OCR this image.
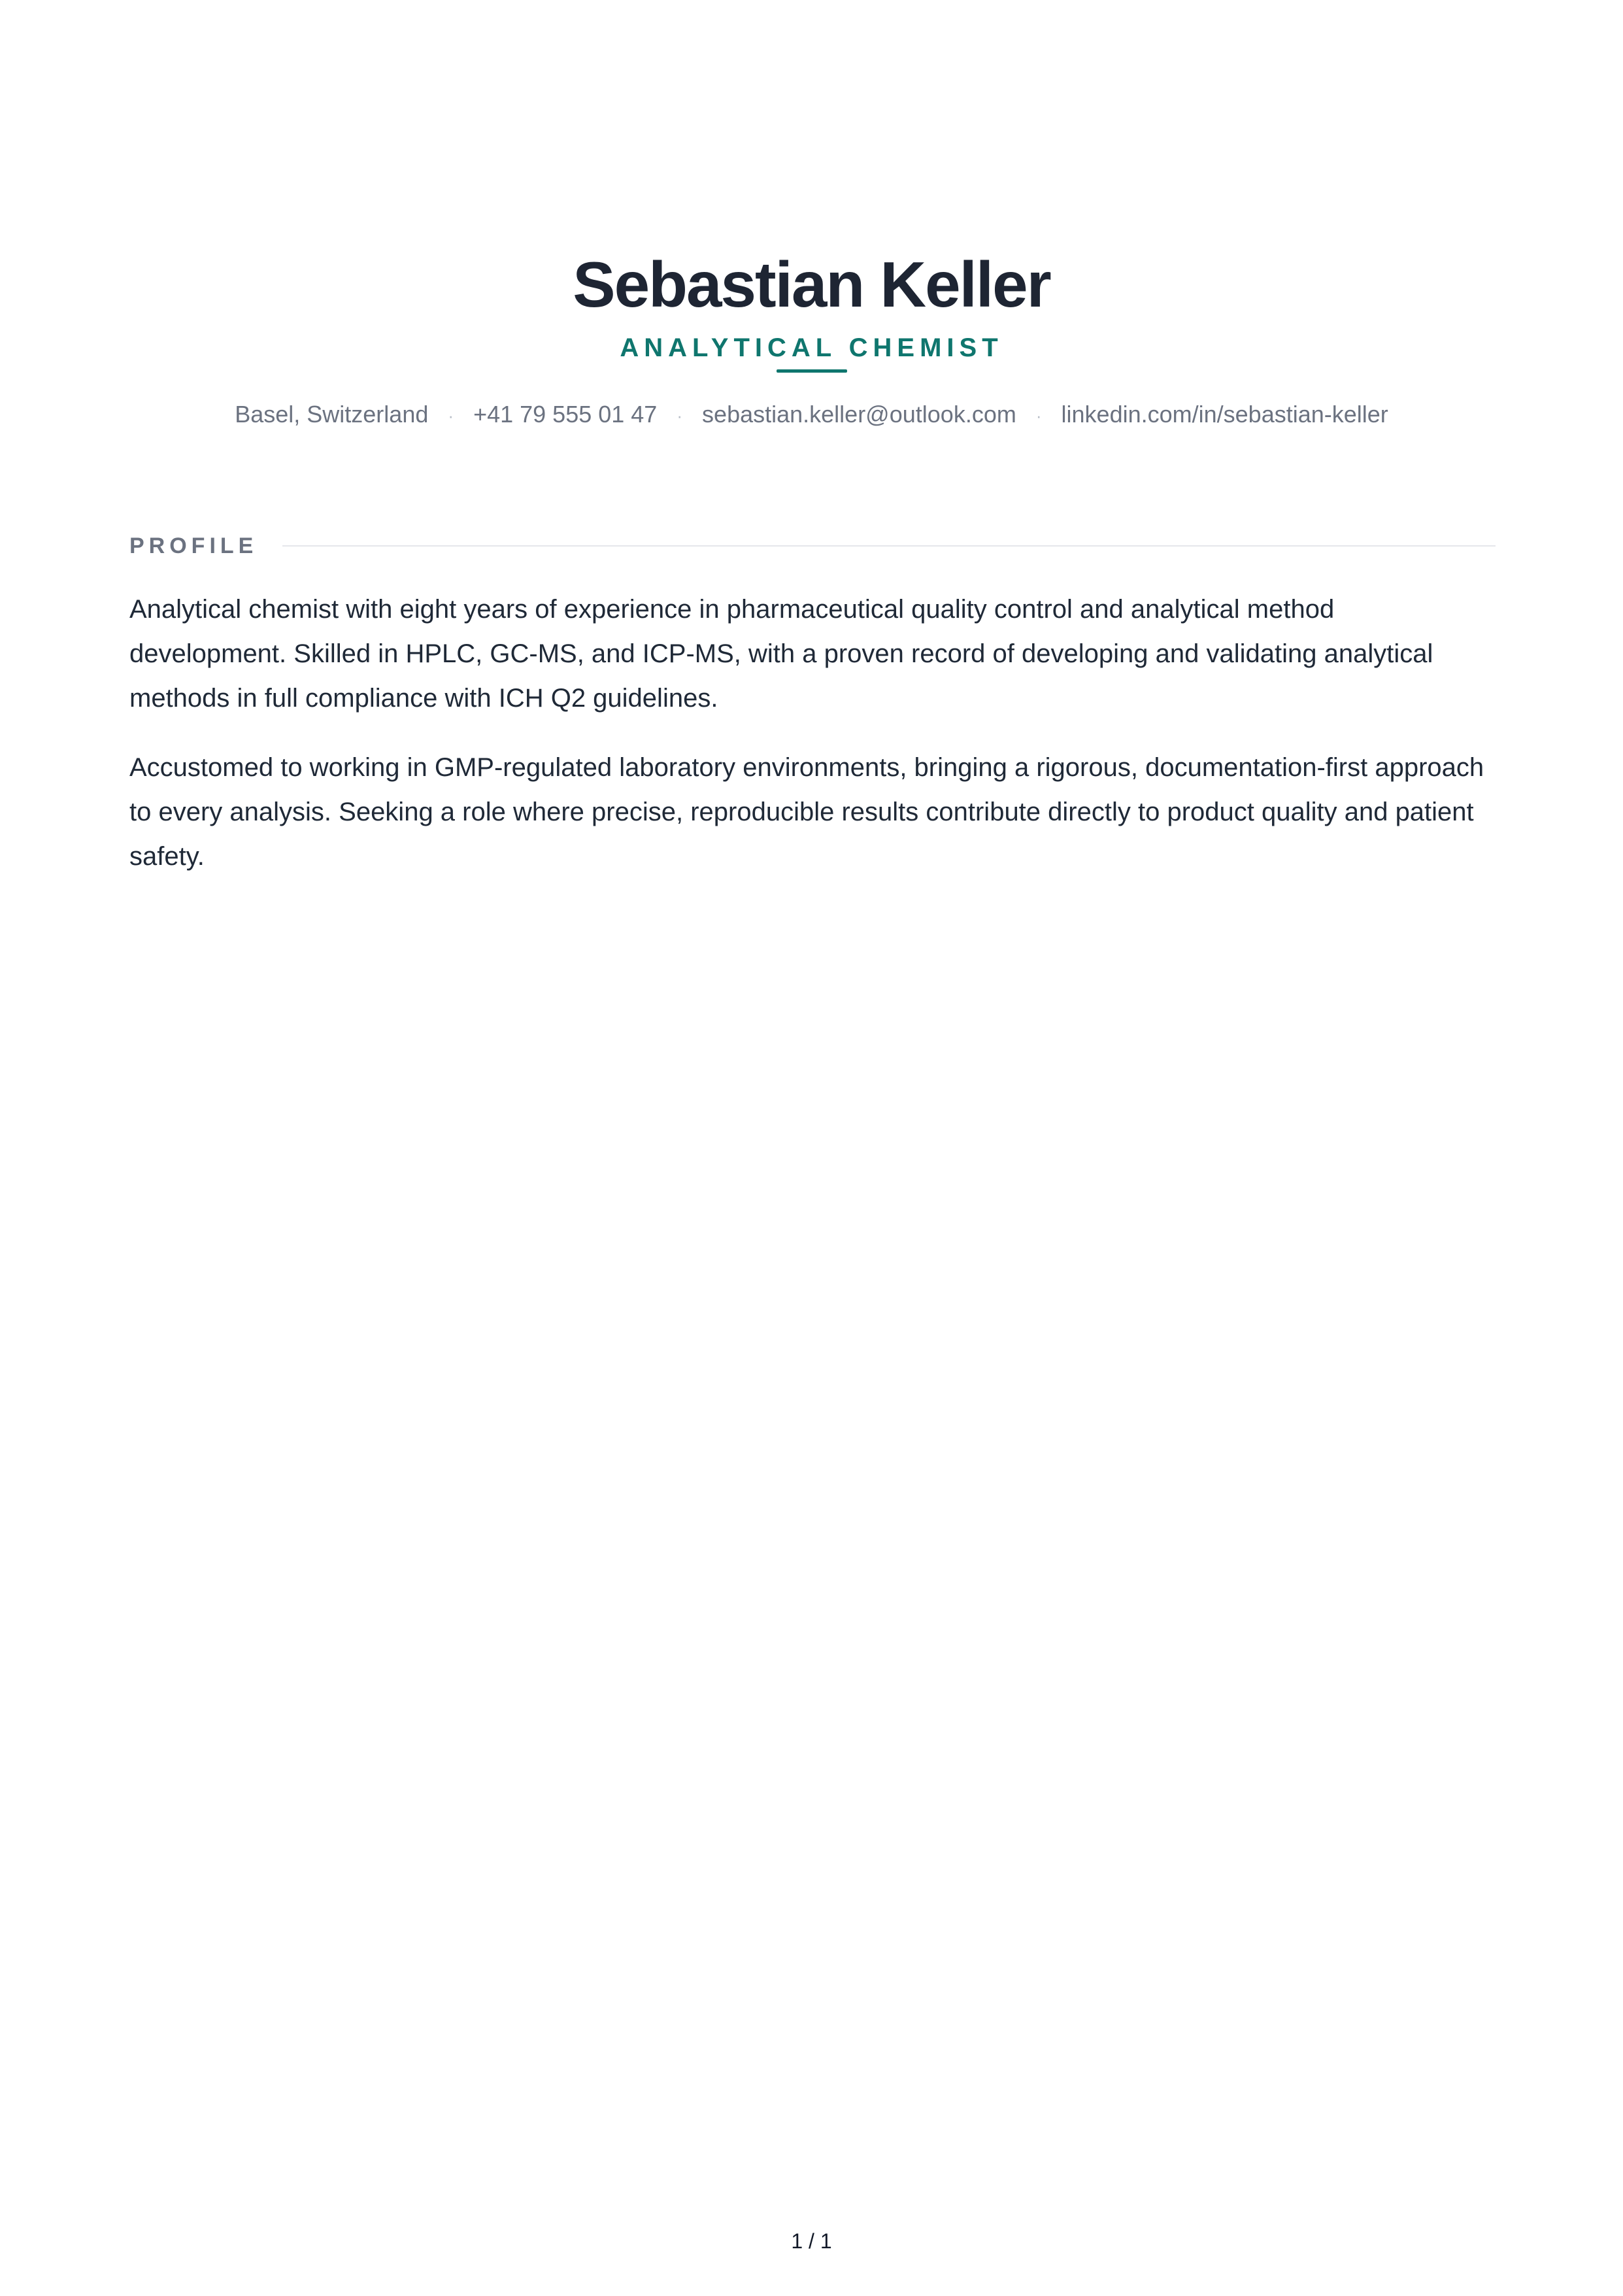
Sebastian Keller
ANALYTICAL CHEMIST
Basel, Switzerland · +41 79 555 01 47 · sebastian.keller@outlook.com · linkedin.com/in/sebastian-keller
PROFILE

Analytical chemist with eight years of experience in pharmaceutical quality control and analytical method development. Skilled in HPLC, GC-MS, and ICP-MS, with a proven record of developing and validating analytical methods in full compliance with ICH Q2 guidelines.

Accustomed to working in GMP-regulated laboratory environments, bringing a rigorous, documentation-first approach to every analysis. Seeking a role where precise, reproducible results contribute directly to product quality and patient safety.

1 / 1
